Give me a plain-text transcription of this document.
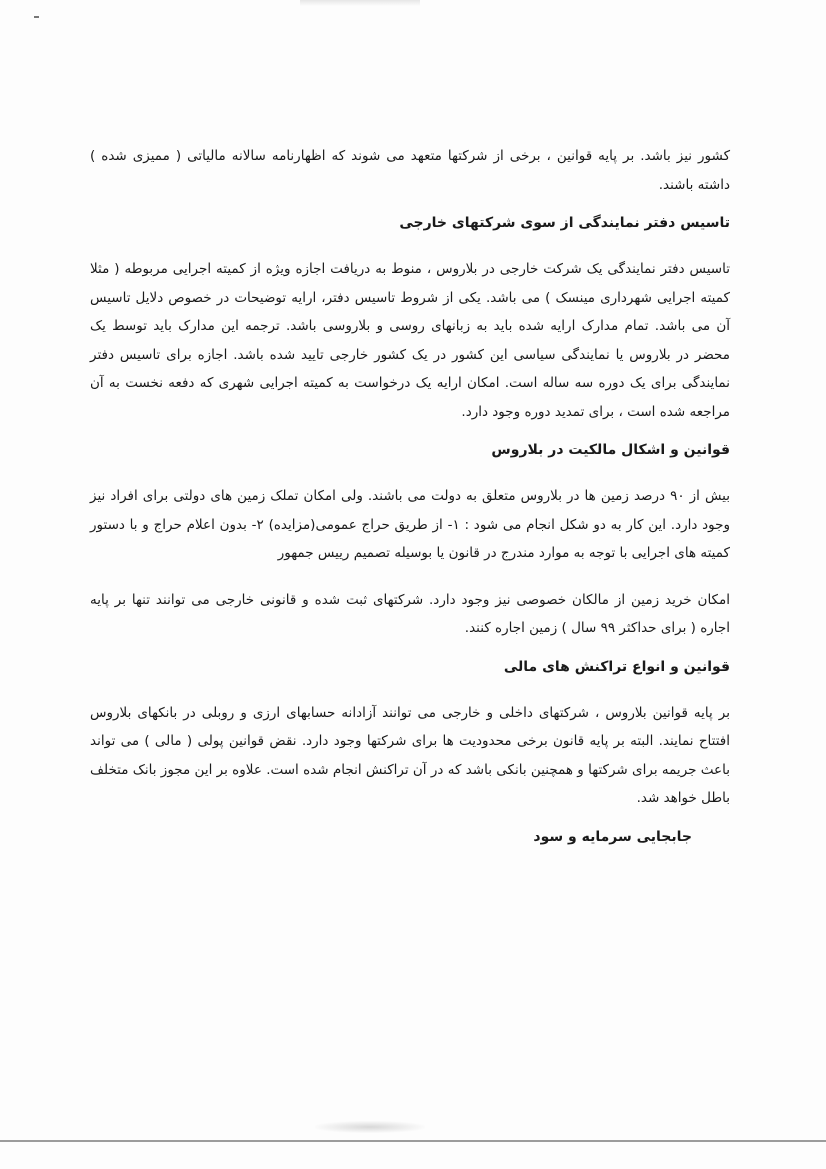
کشور نیز باشد. بر پایه قوانین ، برخی از شرکتها متعهد می شوند که اظهارنامه سالانه مالیاتی ( ممیزی شده ) داشته باشند.

تاسیس دفتر نمایندگی از سوی شرکتهای خارجی

تاسیس دفتر نمایندگی یک شرکت خارجی در بلاروس ، منوط به دریافت اجازه ویژه از کمیته اجرایی مربوطه ( مثلا کمیته اجرایی شهرداری مینسک ) می باشد. یکی از شروط تاسیس دفتر، ارایه توضیحات در خصوص دلایل تاسیس آن می باشد. تمام مدارک ارایه شده باید به زبانهای روسی و بلاروسی باشد. ترجمه این مدارک باید توسط یک محضر در بلاروس یا نمایندگی سیاسی این کشور در یک کشور خارجی تایید شده باشد. اجازه برای تاسیس دفتر نمایندگی برای یک دوره سه ساله است. امکان ارایه یک درخواست به کمیته اجرایی شهری که دفعه نخست به آن مراجعه شده است ، برای تمدید دوره وجود دارد.

قوانین و اشکال مالکیت در بلاروس

بیش از ۹۰ درصد زمین ها در بلاروس متعلق به دولت می باشند. ولی امکان تملک زمین های دولتی برای افراد نیز وجود دارد. این کار به دو شکل انجام می شود : ۱- از طریق حراج عمومی(مزایده) ۲- بدون اعلام حراج و با دستور کمیته های اجرایی با توجه به موارد مندرج در قانون یا بوسیله تصمیم رییس جمهور

امکان خرید زمین از مالکان خصوصی نیز وجود دارد. شرکتهای ثبت شده و قانونی خارجی می توانند تنها بر پایه اجاره ( برای حداکثر ۹۹ سال ) زمین اجاره کنند.

قوانین و انواع تراکنش های مالی

بر پایه قوانین بلاروس ، شرکتهای داخلی و خارجی می توانند آزادانه حسابهای ارزی و روبلی در بانکهای بلاروس افتتاح نمایند. البته بر پایه قانون برخی محدودیت ها برای شرکتها وجود دارد. نقض قوانین پولی ( مالی ) می تواند باعث جریمه برای شرکتها و همچنین بانکی باشد که در آن تراکنش انجام شده است. علاوه بر این مجوز بانک متخلف باطل خواهد شد.

جابجایی سرمایه و سود
